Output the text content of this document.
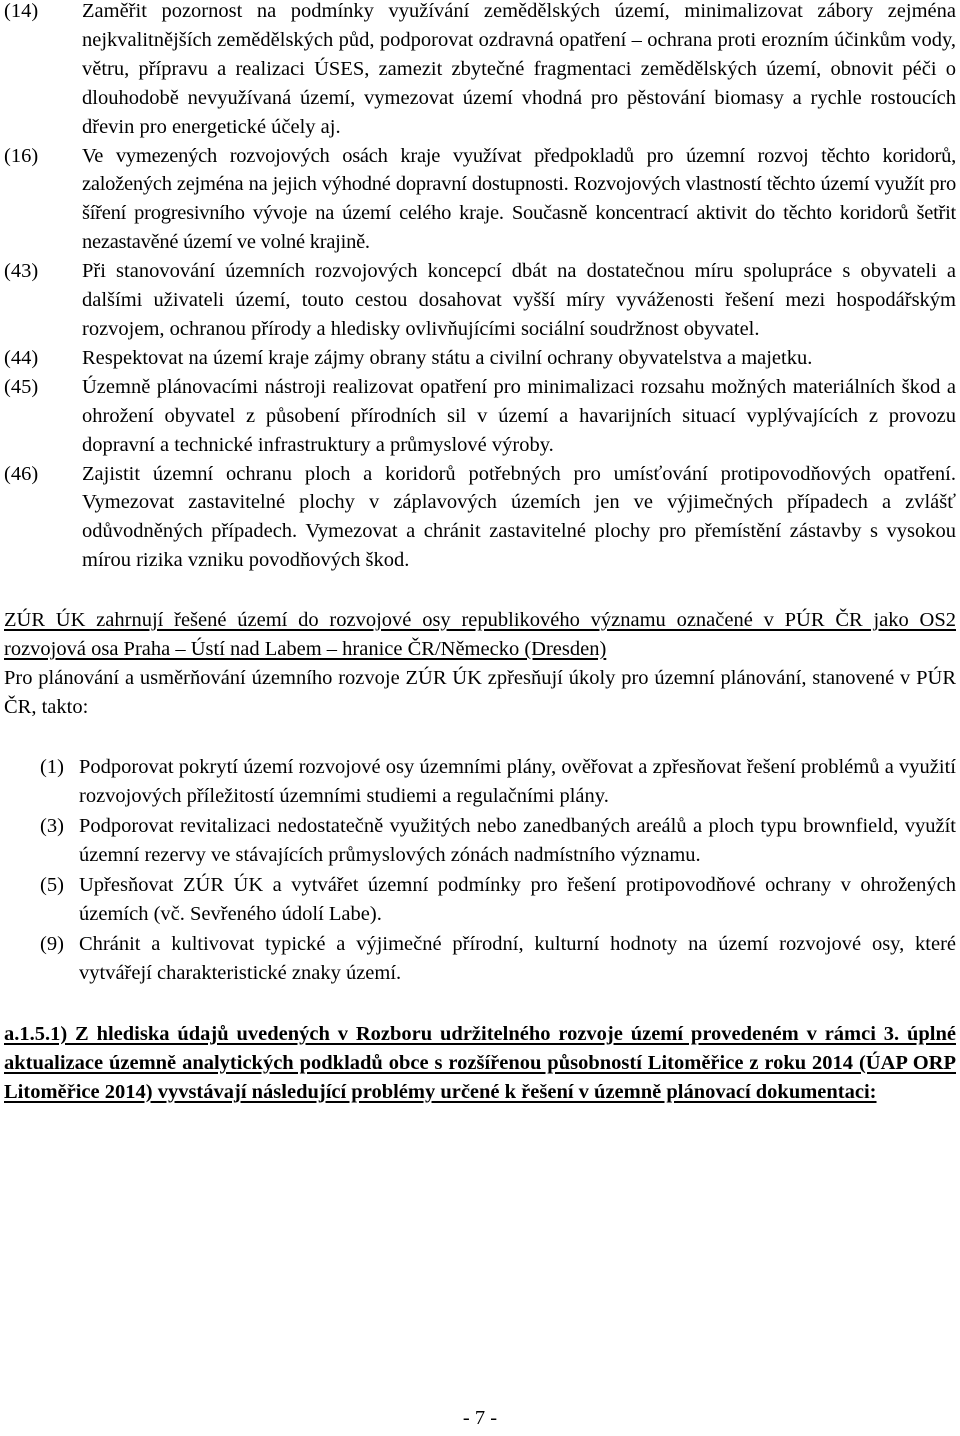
(14)	Zaměřit pozornost na podmínky využívání zemědělských území, minimalizovat zábory zejména nejkvalitnějších zemědělských půd, podporovat ozdravná opatření – ochrana proti erozním účinkům vody, větru, přípravu a realizaci ÚSES, zamezit zbytečné fragmentaci zemědělských území, obnovit péči o dlouhodobě nevyužívaná území, vymezovat území vhodná pro pěstování biomasy a rychle rostoucích dřevin pro energetické účely aj.

(16)	Ve vymezených rozvojových osách kraje využívat předpokladů pro územní rozvoj těchto koridorů, založených zejména na jejich výhodné dopravní dostupnosti. Rozvojových vlastností těchto území využít pro šíření progresivního vývoje na území celého kraje. Současně koncentrací aktivit do těchto koridorů šetřit nezastavěné území ve volné krajině.

(43)	Při stanovování územních rozvojových koncepcí dbát na dostatečnou míru spolupráce s obyvateli a dalšími uživateli území, touto cestou dosahovat vyšší míry vyváženosti řešení mezi hospodářským rozvojem, ochranou přírody a hledisky ovlivňujícími sociální soudržnost obyvatel.

(44)	Respektovat na území kraje zájmy obrany státu a civilní ochrany obyvatelstva a majetku.

(45)	Územně plánovacími nástroji realizovat opatření pro minimalizaci rozsahu možných materiálních škod a ohrožení obyvatel z působení přírodních sil v území a havarijních situací vyplývajících z provozu dopravní a technické infrastruktury a průmyslové výroby.

(46)	Zajistit územní ochranu ploch a koridorů potřebných pro umísťování protipovodňových opatření. Vymezovat zastavitelné plochy v záplavových územích jen ve výjimečných případech a zvlášť odůvodněných případech. Vymezovat a chránit zastavitelné plochy pro přemístění zástavby s vysokou mírou rizika vzniku povodňových škod.

ZÚR ÚK zahrnují řešené území do rozvojové osy republikového významu označené v PÚR ČR jako OS2 rozvojová osa Praha – Ústí nad Labem – hranice ČR/Německo (Dresden)

Pro plánování a usměrňování územního rozvoje ZÚR ÚK zpřesňují úkoly pro územní plánování, stanovené v PÚR ČR, takto:

(1) Podporovat pokrytí území rozvojové osy územními plány, ověřovat a zpřesňovat řešení problémů a využití rozvojových příležitostí územními studiemi a regulačními plány.

(3) Podporovat revitalizaci nedostatečně využitých nebo zanedbaných areálů a ploch typu brownfield, využít územní rezervy ve stávajících průmyslových zónách nadmístního významu.

(5) Upřesňovat ZÚR ÚK a vytvářet územní podmínky pro řešení protipovodňové ochrany v ohrožených územích (vč. Sevřeného údolí Labe).

(9) Chránit a kultivovat typické a výjimečné přírodní, kulturní hodnoty na území rozvojové osy, které vytvářejí charakteristické znaky území.

a.1.5.1) Z hlediska údajů uvedených v Rozboru udržitelného rozvoje území provedeném v rámci 3. úplné aktualizace územně analytických podkladů obce s rozšířenou působností Litoměřice z roku 2014 (ÚAP ORP Litoměřice 2014) vyvstávají následující problémy určené k řešení v územně plánovací dokumentaci:

- 7 -
